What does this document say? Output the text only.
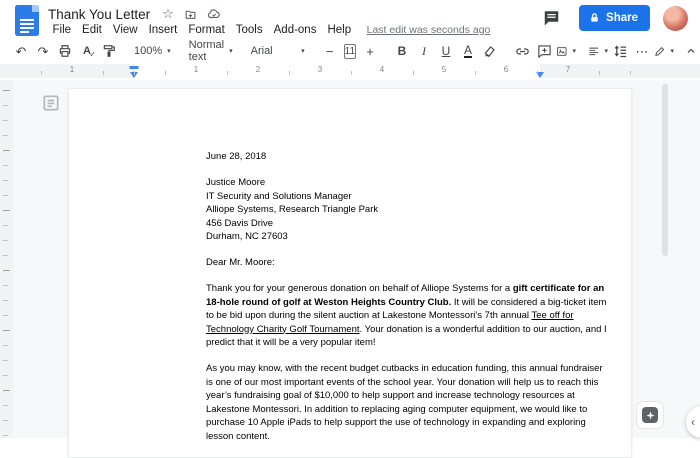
Thank You Letter ☆
File Edit View Insert Format Tools Add-ons Help	Last edit was seconds ago
Share
↶ ↷	A
✓	100% ▾
Normal text	▾ Arial	▾ − 11 + B I U A	▾	▾ ⋯	▾
1	1	2	3	4	5	6	7
June 28, 2018
Justice Moore
IT Security and Solutions Manager
Alliope Systems, Research Triangle Park
456 Davis Drive
Durham, NC 27603
Dear Mr. Moore:
Thank you for your generous donation on behalf of Alliope Systems for a gift certificate for an
18-hole round of golf at Weston Heights Country Club. It will be considered a big-ticket item
to be bid upon during the silent auction at Lakestone Montessori’s 7th annual Tee off for
Technology Charity Golf Tournament. Your donation is a wonderful addition to our auction, and I
predict that it will be a very popular item!
As you may know, with the recent budget cutbacks in education funding, this annual fundraiser
is one of our most important events of the school year. Your donation will help us to reach this
year’s fundraising goal of $10,000 to help support and increase technology resources at
Lakestone Montessori. In addition to replacing aging computer equipment, we would like to
purchase 10 Apple iPads to help support the use of technology in expanding and exploring
lesson content.
‹
